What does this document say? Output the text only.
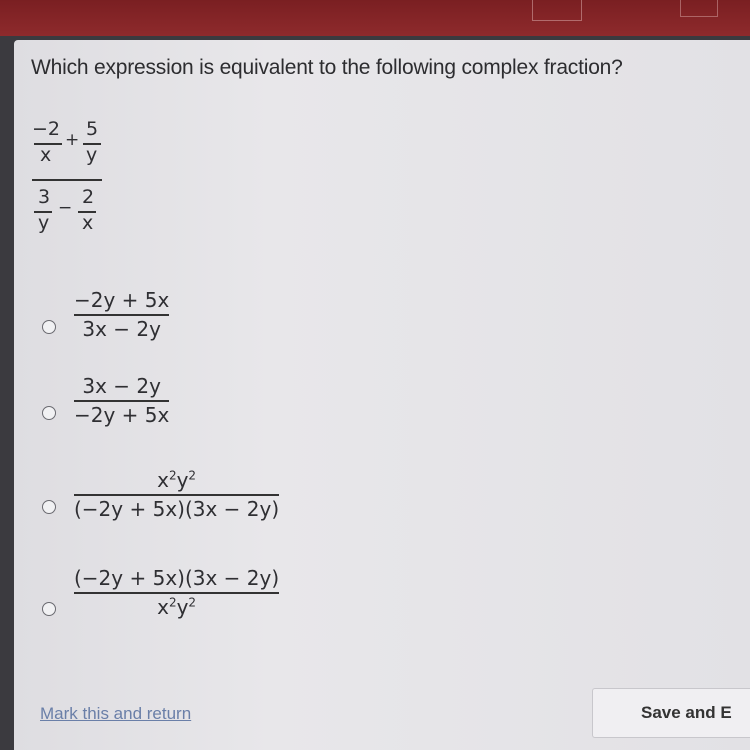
Which expression is equivalent to the following complex fraction?
−2
x
+ 5
y
3
y
− 2
x
−2y + 5x
3x − 2y
3x − 2y
−2y + 5x
$x^2y^2$
(−2y + 5x)(3x − 2y)
(−2y + 5x)(3x − 2y)
$x^2y^2$
Mark this and return	Save and E
